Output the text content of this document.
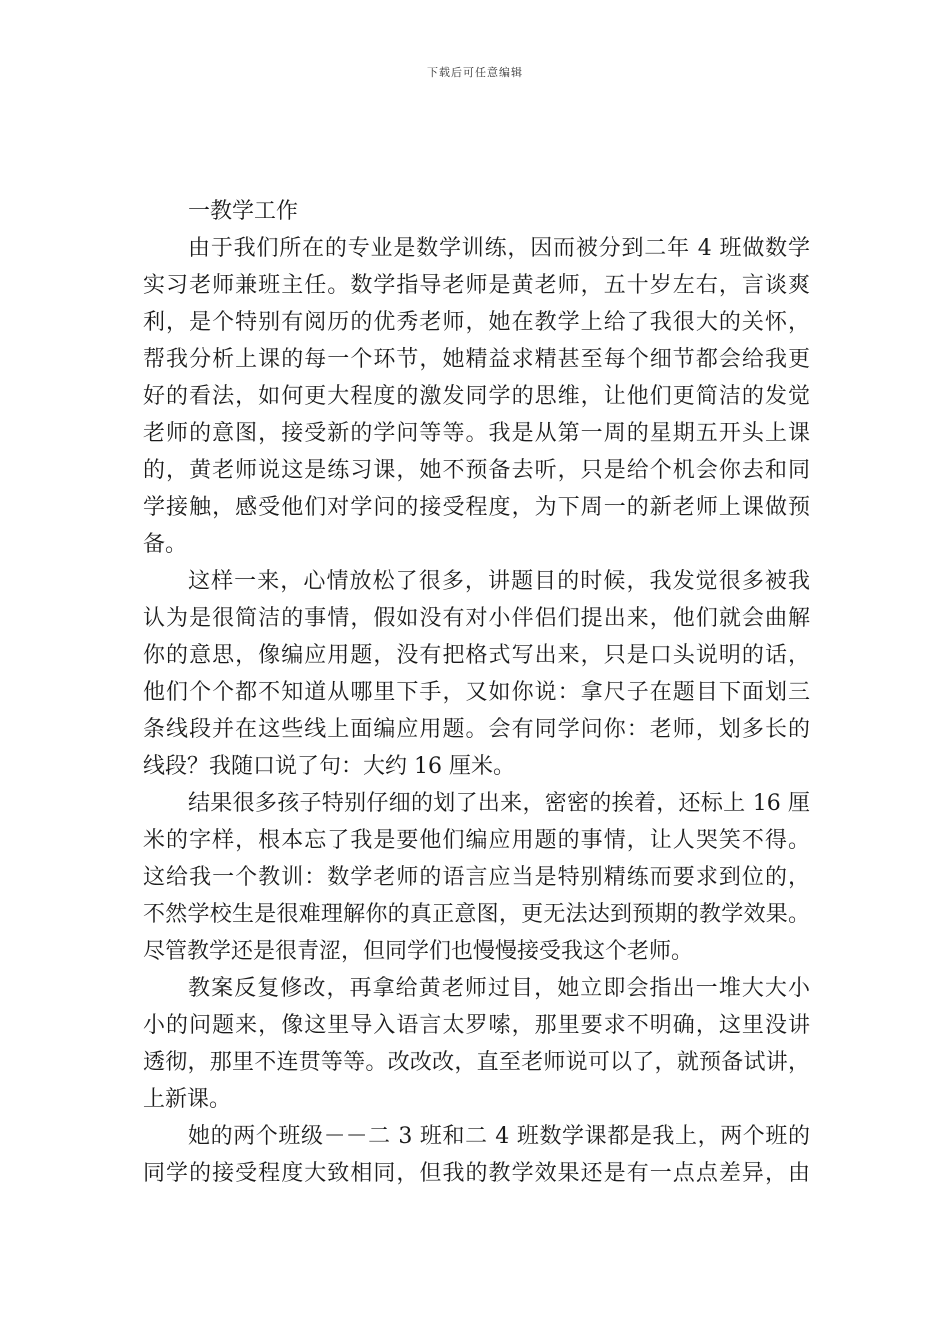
下载后可任意编辑
一教学工作
由于我们所在的专业是数学训练，因而被分到二年 4 班做数学
实习老师兼班主任。数学指导老师是黄老师，五十岁左右，言谈爽
利，是个特别有阅历的优秀老师，她在教学上给了我很大的关怀，
帮我分析上课的每一个环节，她精益求精甚至每个细节都会给我更
好的看法，如何更大程度的激发同学的思维，让他们更简洁的发觉
老师的意图，接受新的学问等等。我是从第一周的星期五开头上课
的，黄老师说这是练习课，她不预备去听，只是给个机会你去和同
学接触，感受他们对学问的接受程度，为下周一的新老师上课做预
备。
这样一来，心情放松了很多，讲题目的时候，我发觉很多被我
认为是很简洁的事情，假如没有对小伴侣们提出来，他们就会曲解
你的意思，像编应用题，没有把格式写出来，只是口头说明的话，
他们个个都不知道从哪里下手，又如你说：拿尺子在题目下面划三
条线段并在这些线上面编应用题。会有同学问你：老师，划多长的
线段？我随口说了句：大约 16 厘米。
结果很多孩子特别仔细的划了出来，密密的挨着，还标上 16 厘
米的字样，根本忘了我是要他们编应用题的事情，让人哭笑不得。
这给我一个教训：数学老师的语言应当是特别精练而要求到位的，
不然学校生是很难理解你的真正意图，更无法达到预期的教学效果。
尽管教学还是很青涩，但同学们也慢慢接受我这个老师。
教案反复修改，再拿给黄老师过目，她立即会指出一堆大大小
小的问题来，像这里导入语言太罗嗦，那里要求不明确，这里没讲
透彻，那里不连贯等等。改改改，直至老师说可以了，就预备试讲，
上新课。
她的两个班级－－二 3 班和二 4 班数学课都是我上，两个班的
同学的接受程度大致相同，但我的教学效果还是有一点点差异，由
